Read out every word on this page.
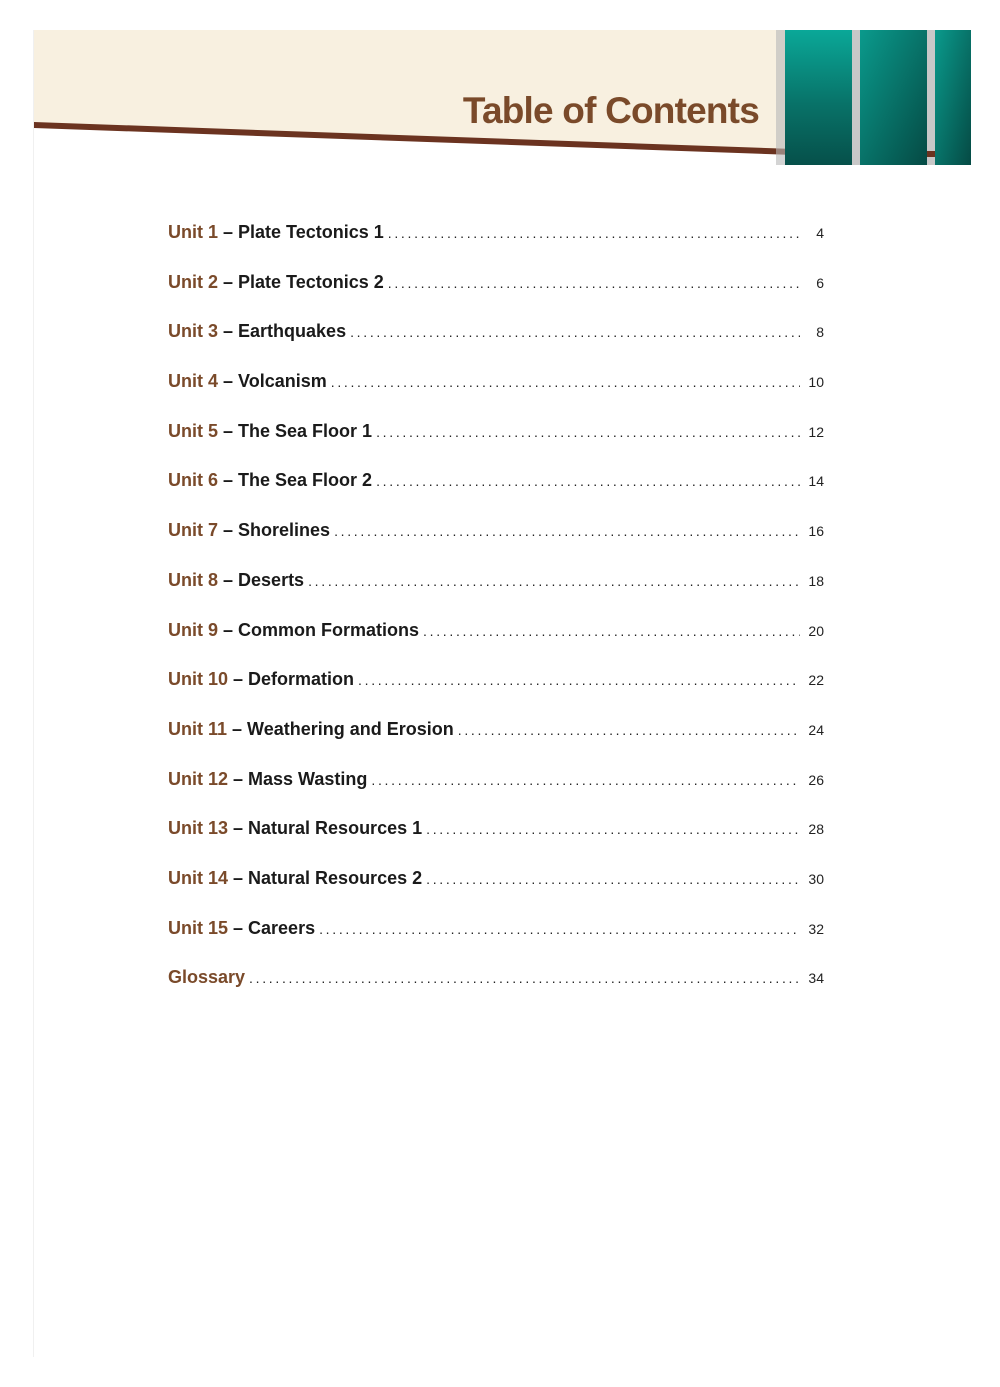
Table of Contents
Unit 1 – Plate Tectonics 1 . . .	4
Unit 2 – Plate Tectonics 2 . . .	6
Unit 3 – Earthquakes . . .	8
Unit 4 – Volcanism . . .	10
Unit 5 – The Sea Floor 1 . . .	12
Unit 6 – The Sea Floor 2 . . .	14
Unit 7 – Shorelines . . .	16
Unit 8 – Deserts . . .	18
Unit 9 – Common Formations . . .	20
Unit 10 – Deformation . . .	22
Unit 11 – Weathering and Erosion . . .	24
Unit 12 – Mass Wasting . . .	26
Unit 13 – Natural Resources 1 . . .	28
Unit 14 – Natural Resources 2 . . .	30
Unit 15 – Careers . . .	32
Glossary . . .	34
